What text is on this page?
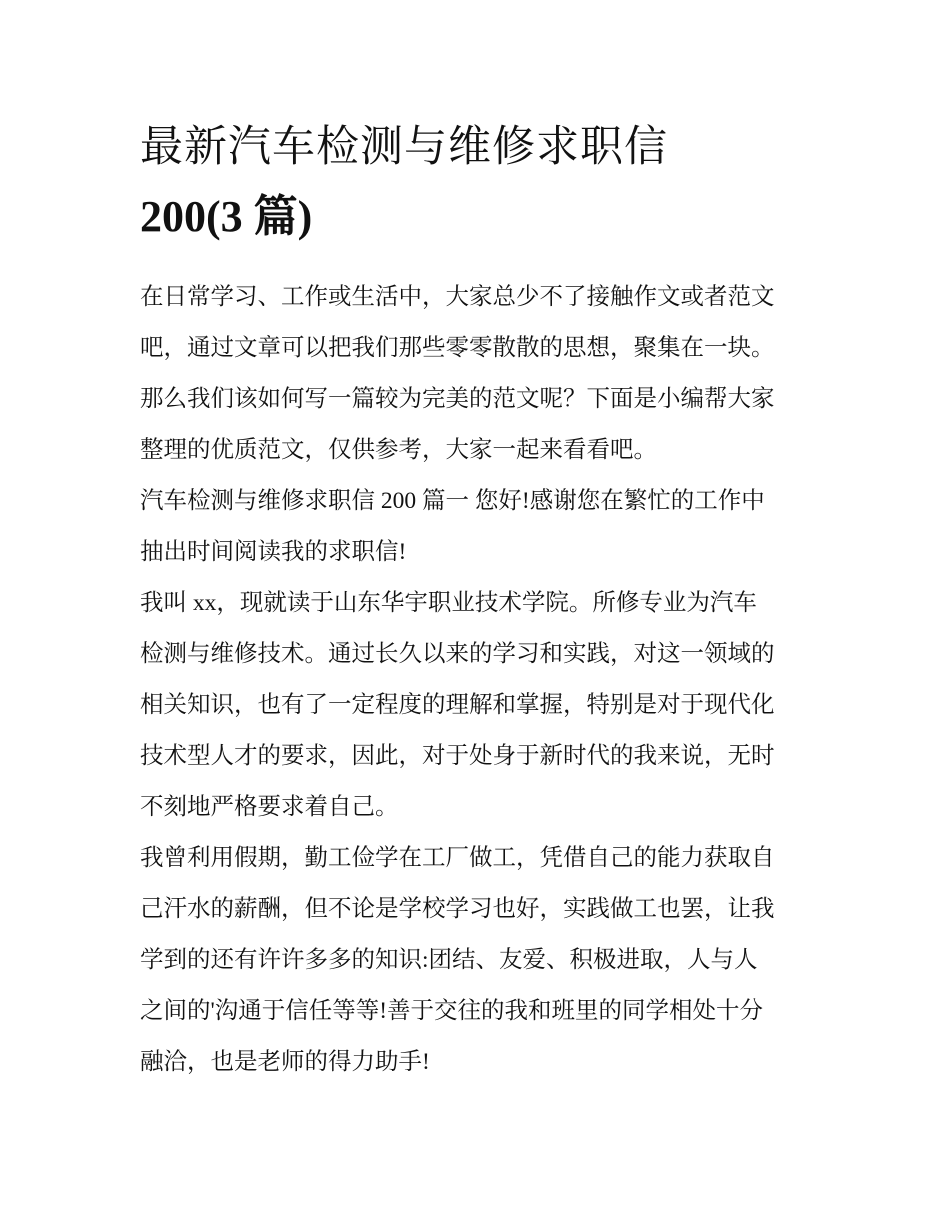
最新汽车检测与维修求职信
200(3 篇)

在日常学习、工作或生活中，大家总少不了接触作文或者范文
吧，通过文章可以把我们那些零零散散的思想，聚集在一块。
那么我们该如何写一篇较为完美的范文呢？下面是小编帮大家
整理的优质范文，仅供参考，大家一起来看看吧。

汽车检测与维修求职信 200 篇一 您好!感谢您在繁忙的工作中
抽出时间阅读我的求职信!

我叫 xx，现就读于山东华宇职业技术学院。所修专业为汽车
检测与维修技术。通过长久以来的学习和实践，对这一领域的
相关知识，也有了一定程度的理解和掌握，特别是对于现代化
技术型人才的要求，因此，对于处身于新时代的我来说，无时
不刻地严格要求着自己。

我曾利用假期，勤工俭学在工厂做工，凭借自己的能力获取自
己汗水的薪酬，但不论是学校学习也好，实践做工也罢，让我
学到的还有许许多多的知识:团结、友爱、积极进取，人与人
之间的'沟通于信任等等!善于交往的我和班里的同学相处十分
融洽，也是老师的得力助手!
